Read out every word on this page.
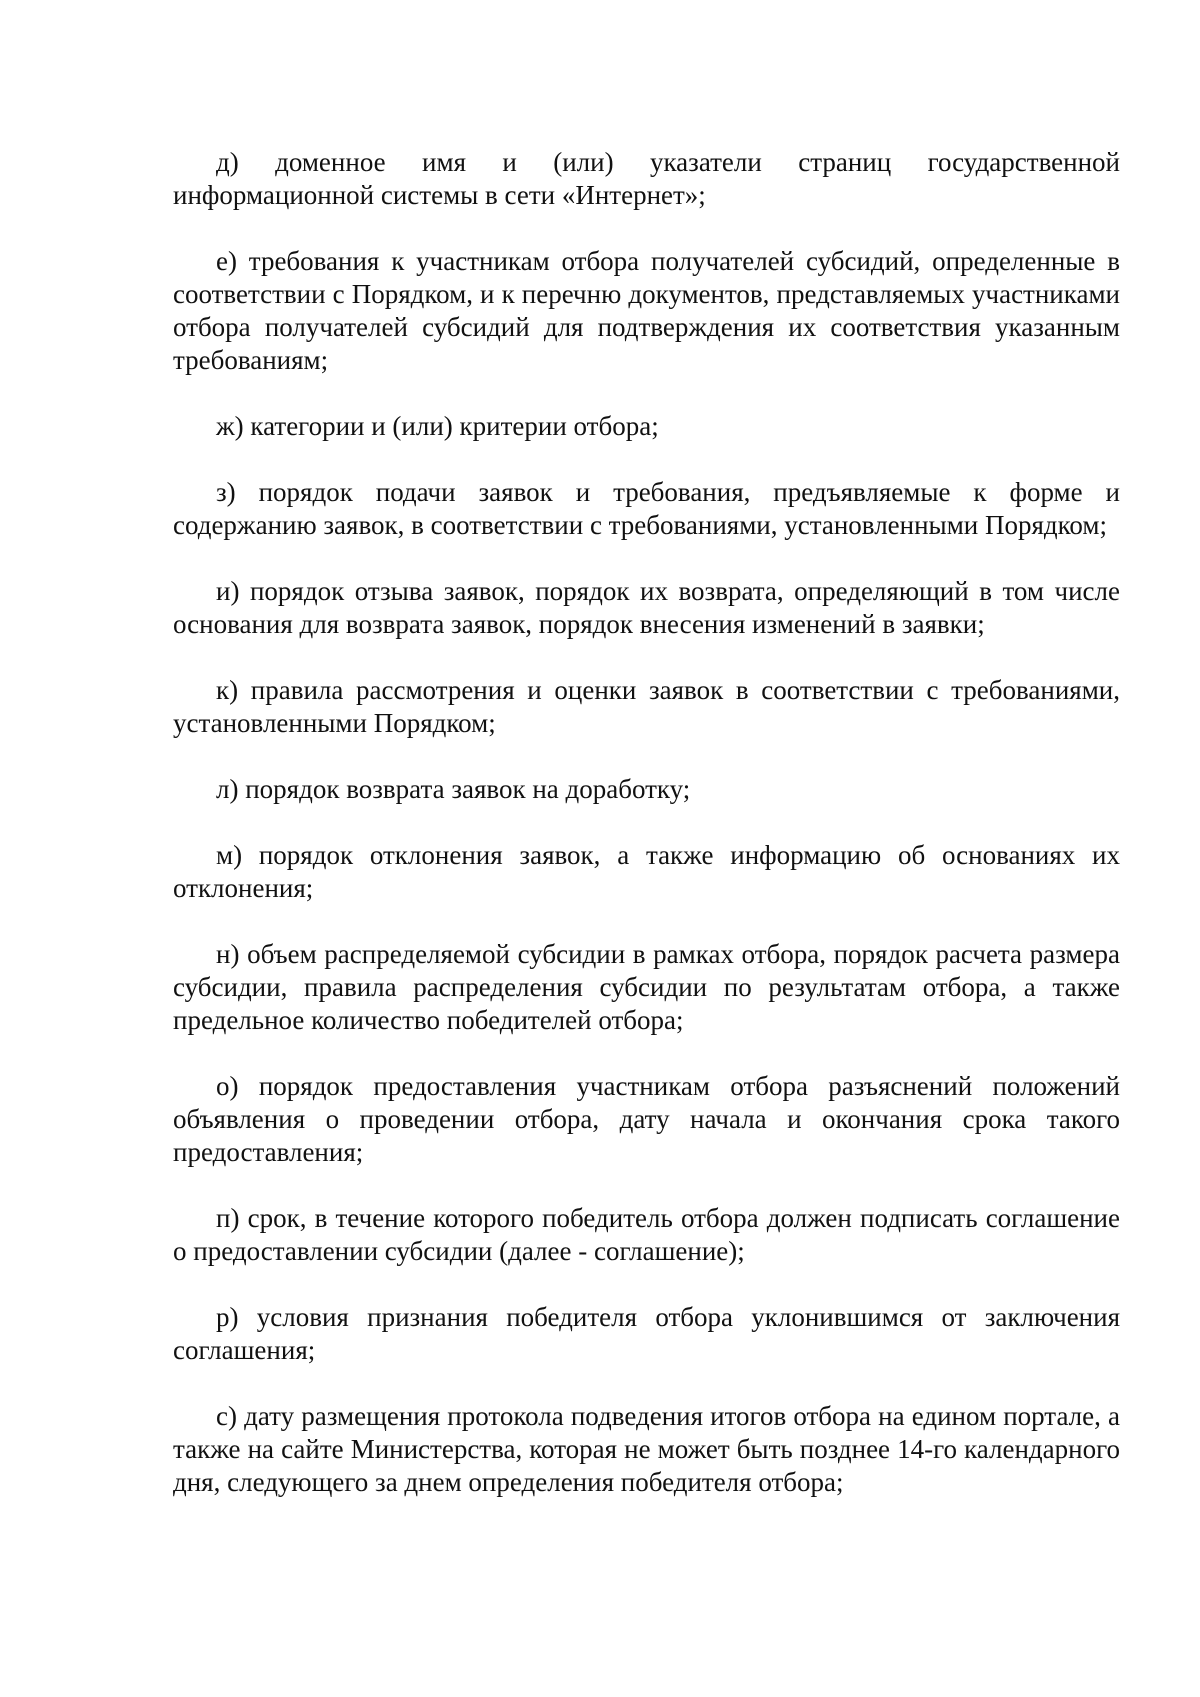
д) доменное имя и (или) указатели страниц государственной информационной системы в сети «Интернет»;

е) требования к участникам отбора получателей субсидий, определенные в соответствии с Порядком, и к перечню документов, представляемых участниками отбора получателей субсидий для подтверждения их соответствия указанным требованиям;

ж) категории и (или) критерии отбора;

з) порядок подачи заявок и требования, предъявляемые к форме и содержанию заявок, в соответствии с требованиями, установленными Порядком;

и) порядок отзыва заявок, порядок их возврата, определяющий в том числе основания для возврата заявок, порядок внесения изменений в заявки;

к) правила рассмотрения и оценки заявок в соответствии с требованиями, установленными Порядком;

л) порядок возврата заявок на доработку;

м) порядок отклонения заявок, а также информацию об основаниях их отклонения;

н) объем распределяемой субсидии в рамках отбора, порядок расчета размера субсидии, правила распределения субсидии по результатам отбора, а также предельное количество победителей отбора;

о) порядок предоставления участникам отбора разъяснений положений объявления о проведении отбора, дату начала и окончания срока такого предоставления;

п) срок, в течение которого победитель отбора должен подписать соглашение о предоставлении субсидии (далее - соглашение);

р) условия признания победителя отбора уклонившимся от заключения соглашения;

с) дату размещения протокола подведения итогов отбора на едином портале, а также на сайте Министерства, которая не может быть позднее 14-го календарного дня, следующего за днем определения победителя отбора;
